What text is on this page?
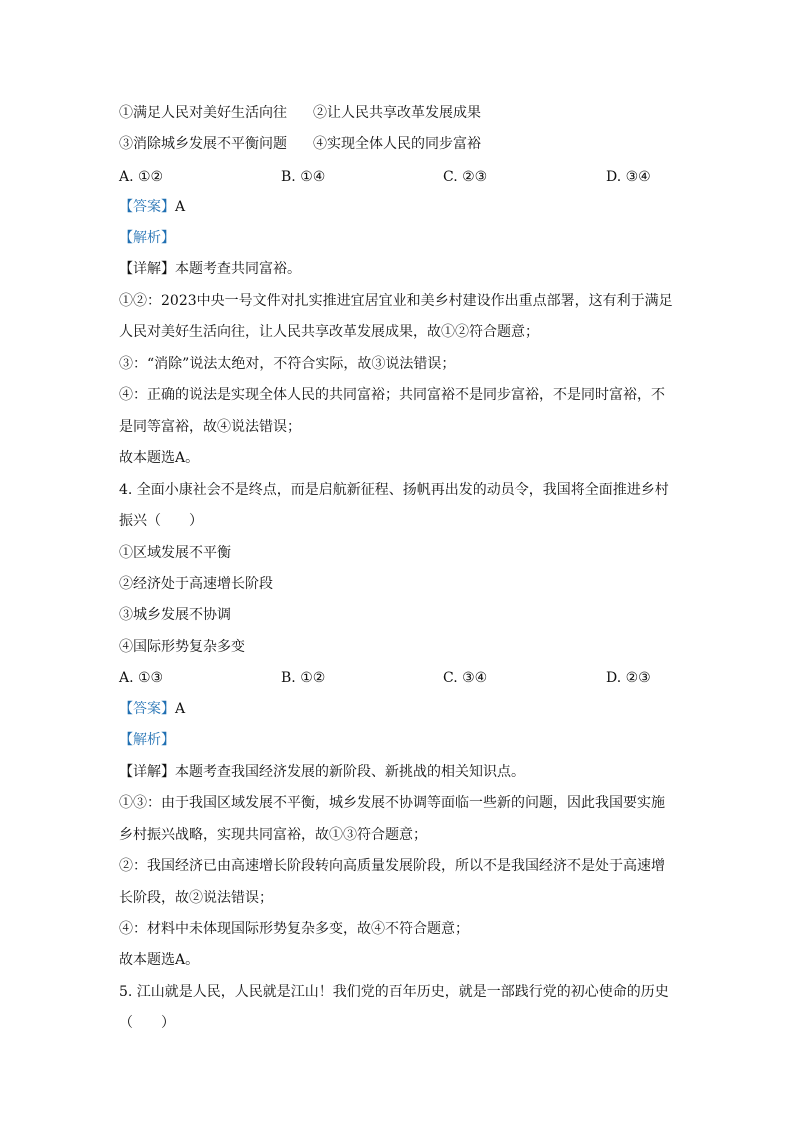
①满足人民对美好生活向往 ②让人民共享改革发展成果
③消除城乡发展不平衡问题 ④实现全体人民的同步富裕
A. ①②	B. ①④	C. ②③	D. ③④
【答案】A
【解析】
【详解】本题考查共同富裕。
①②：2023中央一号文件对扎实推进宜居宜业和美乡村建设作出重点部署，这有利于满足
人民对美好生活向往，让人民共享改革发展成果，故①②符合题意；
③：“消除”说法太绝对，不符合实际，故③说法错误；
④：正确的说法是实现全体人民的共同富裕；共同富裕不是同步富裕，不是同时富裕，不
是同等富裕，故④说法错误；
故本题选A。
4. 全面小康社会不是终点，而是启航新征程、扬帆再出发的动员令，我国将全面推进乡村
振兴（　　）
①区域发展不平衡
②经济处于高速增长阶段
③城乡发展不协调
④国际形势复杂多变
A. ①③	B. ①②	C. ③④	D. ②③
【答案】A
【解析】
【详解】本题考查我国经济发展的新阶段、新挑战的相关知识点。
①③：由于我国区域发展不平衡，城乡发展不协调等面临一些新的问题，因此我国要实施
乡村振兴战略，实现共同富裕，故①③符合题意；
②：我国经济已由高速增长阶段转向高质量发展阶段，所以不是我国经济不是处于高速增
长阶段，故②说法错误；
④：材料中未体现国际形势复杂多变，故④不符合题意；
故本题选A。
5. 江山就是人民，人民就是江山！我们党的百年历史，就是一部践行党的初心使命的历史
（　　）
